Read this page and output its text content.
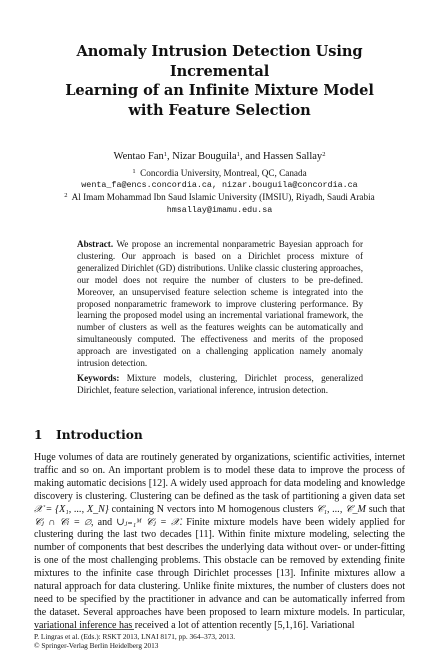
Anomaly Intrusion Detection Using Incremental
Learning of an Infinite Mixture Model
with Feature Selection
Wentao Fan$^1$, Nizar Bouguila$^1$, and Hassen Sallay$^2$
$^1$ Concordia University, Montreal, QC, Canada
wenta_fa@encs.concordia.ca, nizar.bouguila@concordia.ca
$^2$ Al Imam Mohammad Ibn Saud Islamic University (IMSIU), Riyadh, Saudi Arabia
hmsallay@imamu.edu.sa
Abstract. We propose an incremental nonparametric Bayesian approach for clustering. Our approach is based on a Dirichlet process mixture of generalized Dirichlet (GD) distributions. Unlike classic clustering approaches, our model does not require the number of clusters to be pre-defined. Moreover, an unsupervised feature selection scheme is integrated into the proposed nonparametric framework to improve clustering performance. By learning the proposed model using an incremental variational framework, the number of clusters as well as the features weights can be automatically and simultaneously computed. The effectiveness and merits of the proposed approach are investigated on a challenging application namely anomaly intrusion detection.
Keywords: Mixture models, clustering, Dirichlet process, generalized Dirichlet, feature selection, variational inference, intrusion detection.
1 Introduction

Huge volumes of data are routinely generated by organizations, scientific activities, internet traffic and so on. An important problem is to model these data to improve the process of making automatic decisions [12]. A widely used approach for data modeling and knowledge discovery is clustering. Clustering can be defined as the task of partitioning a given data set 𝒳 = {X₁, ..., X_N} containing N vectors into M homogenous clusters 𝒞₁, ..., 𝒞_M such that 𝒞ⱼ ∩ 𝒞ₗ = ∅, and ∪ⱼ₌₁ᴹ 𝒞ⱼ = 𝒳. Finite mixture models have been widely applied for clustering during the last two decades [11]. Within finite mixture modeling, selecting the number of components that best describes the underlying data without over- or under-fitting is one of the most challenging problems. This obstacle can be removed by extending finite mixtures to the infinite case through Dirichlet processes [13]. Infinite mixtures allow a natural approach for data clustering. Unlike finite mixtures, the number of clusters does not need to be specified by the practitioner in advance and can be automatically inferred from the dataset. Several approaches have been proposed to learn mixture models. In particular, variational inference has received a lot of attention recently [5,1,16]. Variational

P. Lingras et al. (Eds.): RSKT 2013, LNAI 8171, pp. 364–373, 2013.
© Springer-Verlag Berlin Heidelberg 2013
